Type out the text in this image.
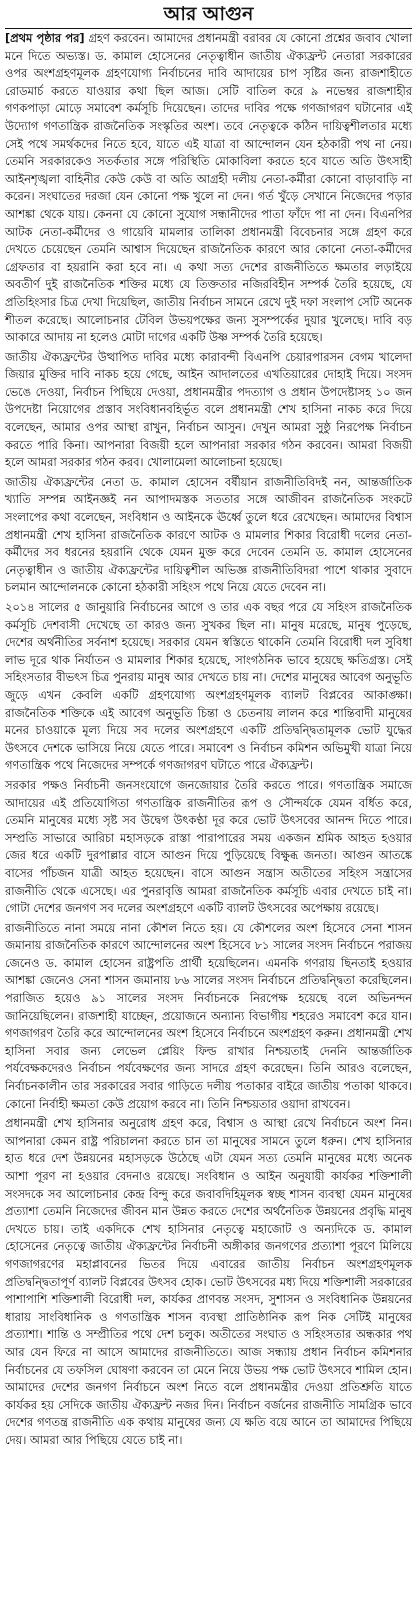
আর আগুন

[প্রথম পৃষ্ঠার পর] গ্রহণ করবেন। আমাদের প্রধানমন্ত্রী বরাবর যে কোনো প্রশ্নের জবাব খোলা মনে দিতে অভ্যস্ত। ড. কামাল হোসেনের নেতৃত্বাধীন জাতীয় ঐক্যফ্রন্ট নেতারা সরকারের ওপর অংশগ্রহণমূলক গ্রহণযোগ্য নির্বাচনের দাবি আদায়ের চাপ সৃষ্টির জন্য রাজশাহীতে রোডমার্চ করতে যাওয়ার কথা ছিল আজ। সেটি বাতিল করে ৯ নভেম্বর রাজশাহীর গণকপাড়া মোড়ে সমাবেশ কর্মসূচি দিয়েছেন। তাদের দাবির পক্ষে গণজাগরণ ঘটানোর এই উদ্যোগ গণতান্ত্রিক রাজনৈতিক সংস্কৃতির অংশ। তবে নেতৃত্বকে কঠিন দায়িত্বশীলতার মধ্যে সেই পথে সমর্থকদের নিতে হবে, যাতে এই যাত্রা বা আন্দোলন যেন হঠকারী পথ না নেয়। তেমনি সরকারকেও সতর্কতার সঙ্গে পরিস্থিতি মোকাবিলা করতে হবে যাতে অতি উৎসাহী আইনশৃঙ্খলা বাহিনীর কেউ কেউ বা অতি আগ্রহী দলীয় নেতা-কর্মীরা কোনো বাড়াবাড়ি না করেন। সংঘাতের দরজা যেন কোনো পক্ষ খুলে না দেন। গর্ত খুঁড়ে সেখানে নিজেদের পড়ার আশঙ্কা থেকে যায়। কেননা যে কোনো সুযোগ সন্ধানীদের পাতা ফাঁদে পা না দেন। বিএনপির আটক নেতা-কর্মীদের ও গায়েবি মামলার তালিকা প্রধানমন্ত্রী বিবেচনার সঙ্গে গ্রহণ করে দেখতে চেয়েছেন তেমনি আশ্বাস দিয়েছেন রাজনৈতিক কারণে আর কোনো নেতা-কর্মীদের গ্রেফতার বা হয়রানি করা হবে না। এ কথা সত্য দেশের রাজনীতিতে ক্ষমতার লড়াইয়ে অবতীর্ণ দুই রাজনৈতিক শক্তির মধ্যে যে তিক্ততার নজিরবিহীন সম্পর্ক তৈরি হয়েছে, যে প্রতিহিংসার চিত্র দেখা দিয়েছিল, জাতীয় নির্বাচন সামনে রেখে দুই দফা সংলাপ সেটি অনেক শীতল করেছে। আলোচনার টেবিল উভয়পক্ষের জন্য সুসম্পর্কের দুয়ার খুলেছে। দাবি বড় আকারে আদায় না হলেও মোটা দাগের একটি উষ্ণ সম্পর্ক তৈরি হয়েছে।

জাতীয় ঐক্যফ্রন্টের উত্থাপিত দাবির মধ্যে কারাবন্দী বিএনপি চেয়ারপারসন বেগম খালেদা জিয়ার মুক্তির দাবি নাকচ হয়ে গেছে, আইন আদালতের এখতিয়ারের দোহাই দিয়ে। সংসদ ভেঙে দেওয়া, নির্বাচন পিছিয়ে দেওয়া, প্রধানমন্ত্রীর পদত্যাগ ও প্রধান উপদেষ্টাসহ ১০ জন উপদেষ্টা নিয়োগের প্রস্তাব সংবিধানবহির্ভূত বলে প্রধানমন্ত্রী শেখ হাসিনা নাকচ করে দিয়ে বলেছেন, আমার ওপর আস্থা রাখুন, নির্বাচন আসুন। দেখুন আমরা সুষ্ঠু নিরপেক্ষ নির্বাচন করতে পারি কিনা। আপনারা বিজয়ী হলে আপনারা সরকার গঠন করবেন। আমরা বিজয়ী হলে আমরা সরকার গঠন করব। খোলামেলা আলোচনা হয়েছে।

জাতীয় ঐক্যফ্রন্টের নেতা ড. কামাল হোসেন বর্ষীয়ান রাজনীতিবিদই নন, আন্তর্জাতিক খ্যাতি সম্পন্ন আইনজ্ঞই নন আপাদমস্তক সততার সঙ্গে আজীবন রাজনৈতিক সংকটে সংলাপের কথা বলেছেন, সংবিধান ও আইনকে ঊর্ধ্বে তুলে ধরে রেখেছেন। আমাদের বিশ্বাস প্রধানমন্ত্রী শেখ হাসিনা রাজনৈতিক কারণে আটক ও মামলার শিকার বিরোধী দলের নেতা-কর্মীদের সব ধরনের হয়রানি থেকে যেমন মুক্ত করে দেবেন তেমনি ড. কামাল হোসেনের নেতৃত্বাধীন ও জাতীয় ঐক্যফ্রন্টের দায়িত্বশীল অভিজ্ঞ রাজনীতিবিদরা পাশে থাকার সুবাদে চলমান আন্দোলনকে কোনো হঠকারী সহিংস পথে নিয়ে যেতে দেবেন না।

২০১৪ সালের ৫ জানুয়ারি নির্বাচনের আগে ও তার এক বছর পরে যে সহিংস রাজনৈতিক কর্মসূচি দেশবাসী দেখেছে তা কারও জন্য সুখকর ছিল না। মানুষ মরেছে, মানুষ পুড়েছে, দেশের অর্থনীতির সর্বনাশ হয়েছে। সরকার যেমন স্বস্তিতে থাকেনি তেমনি বিরোধী দল সুবিধা লাভ দূরে থাক নির্যাতন ও মামলার শিকার হয়েছে, সাংগঠনিক ভাবে হয়েছে ক্ষতিগ্রস্ত। সেই সহিংসতার বীভৎস চিত্র পুনরায় মানুষ আর দেখতে চায় না। দেশের মানুষের আবেগ অনুভূতি জুড়ে এখন কেবলি একটি গ্রহণযোগ্য অংশগ্রহণমূলক ব্যালট বিপ্লবের আকাঙ্ক্ষা। রাজনৈতিক শক্তিকে এই আবেগ অনুভূতি চিন্তা ও চেতনায় লালন করে শান্তিবাদী মানুষের মনের চাওয়াকে মূল্য দিয়ে সব দলের অংশগ্রহণে একটি প্রতিদ্বন্দ্বিতামূলক ভোট যুদ্ধের উৎসবে দেশকে ভাসিয়ে নিয়ে যেতে পারে। সমাবেশ ও নির্বাচন কমিশন অভিমুখী যাত্রা নিয়ে গণতান্ত্রিক পথে নিজেদের সম্পর্কে গণজাগরণ ঘটাতে পারে ঐক্যফ্রন্ট।

সরকার পক্ষও নির্বাচনী জনসংযোগে জনজোয়ার তৈরি করতে পারে। গণতান্ত্রিক সমাজে আদায়ের এই প্রতিযোগিতা গণতান্ত্রিক রাজনীতির রূপ ও সৌন্দর্যকে যেমন বর্ধিত করে, তেমনি মানুষের মধ্যে সৃষ্ট সব উদ্বেগ উৎকণ্ঠা দূর করে ভোট উৎসবের আনন্দ দিতে পারে। সম্প্রতি সাভারে আরিচা মহাসড়কে রাস্তা পারাপারের সময় একজন শ্রমিক আহত হওয়ার জের ধরে একটি দুরপাল্লার বাসে আগুন দিয়ে পুড়িয়েছে বিক্ষুব্ধ জনতা। আগুন আতঙ্কে বাসের পাঁচজন যাত্রী আহত হয়েছেন। বাসে আগুন সন্ত্রাস অতীতের সহিংস সন্ত্রাসের রাজনীতি থেকে এসেছে। এর পুনরাবৃত্তি আমরা রাজনৈতিক কর্মসূচি এবার দেখতে চাই না। গোটা দেশের জনগণ সব দলের অংশগ্রহণে একটি ব্যালট উৎসবের অপেক্ষায় রয়েছে।

রাজনীতিতে নানা সময়ে নানা কৌশল নিতে হয়। যে কৌশলের অংশ হিসেবে সেনা শাসন জমানায় রাজনৈতিক কারণে আন্দোলনের অংশ হিসেবে ৮১ সালের সংসদ নির্বাচনে পরাজয় জেনেও ড. কামাল হোসেন রাষ্ট্রপতি প্রার্থী হয়েছিলেন। এমনকি গণরায় ছিনতাই হওয়ার আশঙ্কা জেনেও সেনা শাসন জমানায় ৮৬ সালের সংসদ নির্বাচনে প্রতিদ্বন্দ্বিতা করেছিলেন। পরাজিত হয়েও ৯১ সালের সংসদ নির্বাচনকে নিরপেক্ষ হয়েছে বলে অভিনন্দন জানিয়েছিলেন। রাজশাহী যাচ্ছেন, প্রয়োজনে অন্যান্য বিভাগীয় শহরেও সমাবেশ করে যান। গণজাগরণ তৈরি করে আন্দোলনের অংশ হিসেবে নির্বাচনে অংশগ্রহণ করুন। প্রধানমন্ত্রী শেখ হাসিনা সবার জন্য লেভেল প্লেয়িং ফিল্ড রাখার নিশ্চয়তাই দেননি আন্তর্জাতিক পর্যবেক্ষকদেরও নির্বাচন পর্যবেক্ষণের জন্য সাদরে গ্রহণ করেছেন। তিনি আরও বলেছেন, নির্বাচনকালীন তার সরকারের সবার গাড়িতে দলীয় পতাকার বাইরে জাতীয় পতাকা থাকবে। কোনো নির্বাহী ক্ষমতা কেউ প্রয়োগ করবে না। তিনি নিশ্চয়তার ওয়াদা রাখবেন।

প্রধানমন্ত্রী শেখ হাসিনার অনুরোধ গ্রহণ করে, বিশ্বাস ও আস্থা রেখে নির্বাচনে অংশ নিন। আপনারা কেমন রাষ্ট্র পরিচালনা করতে চান তা মানুষের সামনে তুলে ধরুন। শেখ হাসিনার হাত ধরে দেশ উন্নয়নের মহাসড়কে উঠেছে এটা যেমন সত্য তেমনি মানুষের মধ্যে অনেক আশা পূরণ না হওয়ার বেদনাও রয়েছে। সংবিধান ও আইন অনুযায়ী কার্যকর শক্তিশালী সংসদকে সব আলোচনার কেন্দ্র বিন্দু করে জবাবদিহিমূলক স্বচ্ছ শাসন ব্যবস্থা যেমন মানুষের প্রত্যাশা তেমনি নিজেদের জীবন মান উন্নত করতে দেশের অর্থনৈতিক উন্নয়নের প্রবৃদ্ধি মানুষ দেখতে চায়। তাই একদিকে শেখ হাসিনার নেতৃত্বে মহাজোট ও অন্যদিকে ড. কামাল হোসেনের নেতৃত্বে জাতীয় ঐক্যফ্রন্টের নির্বাচনী অঙ্গীকার জনগণের প্রত্যাশা পূরণে মিলিয়ে গণজাগরণের মহাপ্লাবনের ভিতর দিয়ে এবারের জাতীয় নির্বাচন অংশগ্রহণমূলক প্রতিদ্বন্দ্বিতাপূর্ণ ব্যালট বিপ্লবের উৎসব হোক। ভোট উৎসবের মধ্য দিয়ে শক্তিশালী সরকারের পাশাপাশি শক্তিশালী বিরোধী দল, কার্যকর প্রাণবন্ত সংসদ, সুশাসন ও সংবিধানিক উন্নয়নের ধারায় সাংবিধানিক ও গণতান্ত্রিক শাসন ব্যবস্থা প্রাতিষ্ঠানিক রূপ নিক সেটিই মানুষের প্রত্যাশা। শান্তি ও সম্প্রীতির পথে দেশ চলুক। অতীতের সংঘাত ও সহিংসতার অন্ধকার পথ আর যেন ফিরে না আসে আমাদের রাজনীতিতে। আজ সন্ধ্যায় প্রধান নির্বাচন কমিশনার নির্বাচনের যে তফসিল ঘোষণা করবেন তা মেনে নিয়ে উভয় পক্ষ ভোট উৎসবে শামিল হোন। আমাদের দেশের জনগণ নির্বাচনে অংশ নিতে বলে প্রধানমন্ত্রীর দেওয়া প্রতিশ্রুতি যাতে কার্যকর হয় সেদিকে জাতীয় ঐক্যফ্রন্ট নজর দিন। নির্বাচন বর্জনের রাজনীতি সামগ্রিক ভাবে দেশের গণতন্ত্র রাজনীতি এক কথায় মানুষের জন্য যে ক্ষতি বয়ে আনে তা আমাদের পিছিয়ে দেয়। আমরা আর পিছিয়ে যেতে চাই না।
